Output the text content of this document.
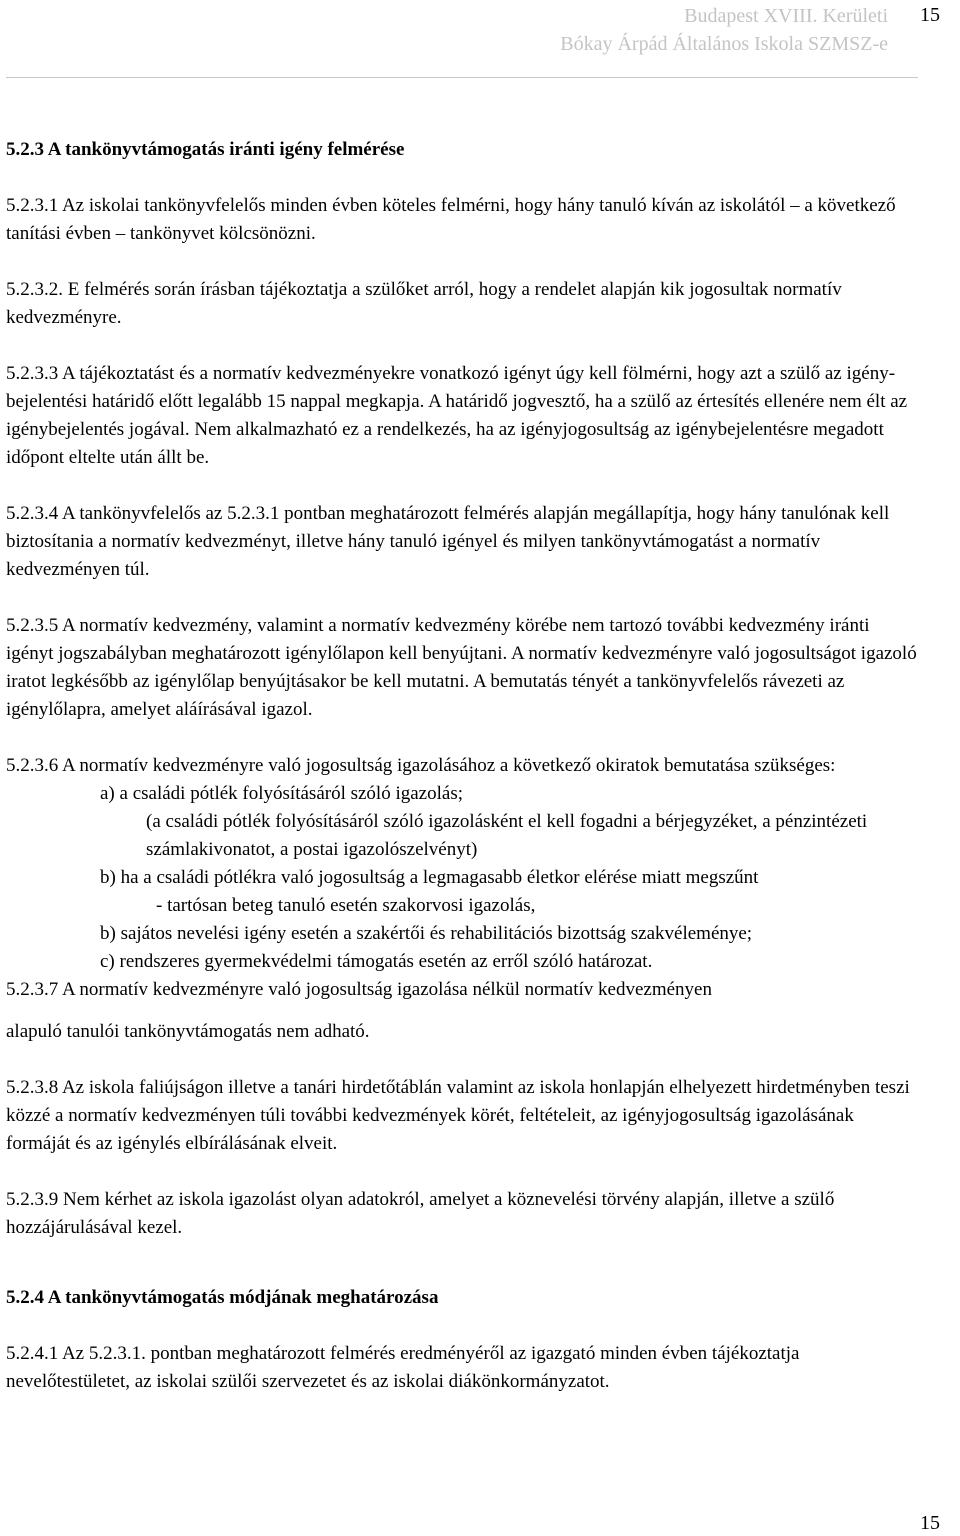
Budapest XVIII. Kerületi
Bókay Árpád Általános Iskola SZMSZ-e
15
5.2.3 A tankönyvtámogatás iránti igény felmérése
5.2.3.1 Az iskolai tankönyvfelelős minden évben köteles felmérni, hogy hány tanuló kíván az iskolától – a következő tanítási évben – tankönyvet kölcsönözni.
5.2.3.2. E felmérés során írásban tájékoztatja a szülőket arról, hogy a rendelet alapján kik jogosultak normatív kedvezményre.
5.2.3.3 A tájékoztatást és a normatív kedvezményekre vonatkozó igényt úgy kell fölmérni, hogy azt a szülő az igény-bejelentési határidő előtt legalább 15 nappal megkapja. A határidő jogvesztő, ha a szülő az értesítés ellenére nem élt az igénybejelentés jogával. Nem alkalmazható ez a rendelkezés, ha az igényjogosultság az igénybejelentésre megadott időpont eltelte után állt be.
5.2.3.4 A tankönyvfelelős az 5.2.3.1 pontban meghatározott felmérés alapján megállapítja, hogy hány tanulónak kell biztosítania a normatív kedvezményt, illetve hány tanuló igényel és milyen tankönyvtámogatást a normatív kedvezményen túl.
5.2.3.5 A normatív kedvezmény, valamint a normatív kedvezmény körébe nem tartozó további kedvezmény iránti igényt jogszabályban meghatározott igénylőlapon kell benyújtani. A normatív kedvezményre való jogosultságot igazoló iratot legkésőbb az igénylőlap benyújtásakor be kell mutatni. A bemutatás tényét a tankönyvfelelős rávezeti az igénylőlapra, amelyet aláírásával igazol.
5.2.3.6 A normatív kedvezményre való jogosultság igazolásához a következő okiratok bemutatása szükséges:
a) a családi pótlék folyósításáról szóló igazolás;
(a családi pótlék folyósításáról szóló igazolásként el kell fogadni a bérjegyzéket, a pénzintézeti számlakivonatot, a postai igazolószelvényt)
b) ha a családi pótlékra való jogosultság a legmagasabb életkor elérése miatt megszűnt
- tartósan beteg tanuló esetén szakorvosi igazolás,
b) sajátos nevelési igény esetén a szakértői és rehabilitációs bizottság szakvéleménye;
c) rendszeres gyermekvédelmi támogatás esetén az erről szóló határozat.
5.2.3.7 A normatív kedvezményre való jogosultság igazolása nélkül normatív kedvezményen
alapuló tanulói tankönyvtámogatás nem adható.
5.2.3.8 Az iskola faliújságon illetve a tanári hirdetőtáblán valamint az iskola honlapján elhelyezett hirdetményben teszi közzé a normatív kedvezményen túli további kedvezmények körét, feltételeit, az igényjogosultság igazolásának formáját és az igénylés elbírálásának elveit.
5.2.3.9 Nem kérhet az iskola igazolást olyan adatokról, amelyet a köznevelési törvény alapján, illetve a szülő hozzájárulásával kezel.
5.2.4 A tankönyvtámogatás módjának meghatározása
5.2.4.1 Az 5.2.3.1. pontban meghatározott felmérés eredményéről az igazgató minden évben tájékoztatja nevelőtestületet, az iskolai szülői szervezetet és az iskolai diákönkormányzatot.
15
